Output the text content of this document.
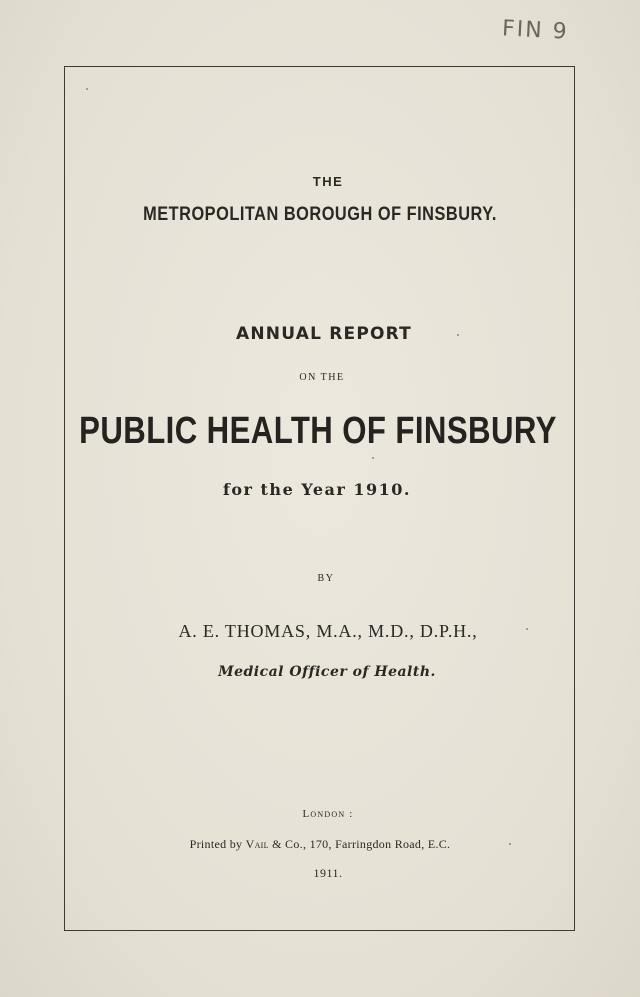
FIN 9
THE
METROPOLITAN BOROUGH OF FINSBURY.
ANNUAL REPORT
ON THE
PUBLIC HEALTH OF FINSBURY
for the Year 1910.
BY
A. E. THOMAS, M.A., M.D., D.P.H.,
Medical Officer of Health.
London :
Printed by Vail & Co., 170, Farringdon Road, E.C.
1911.
